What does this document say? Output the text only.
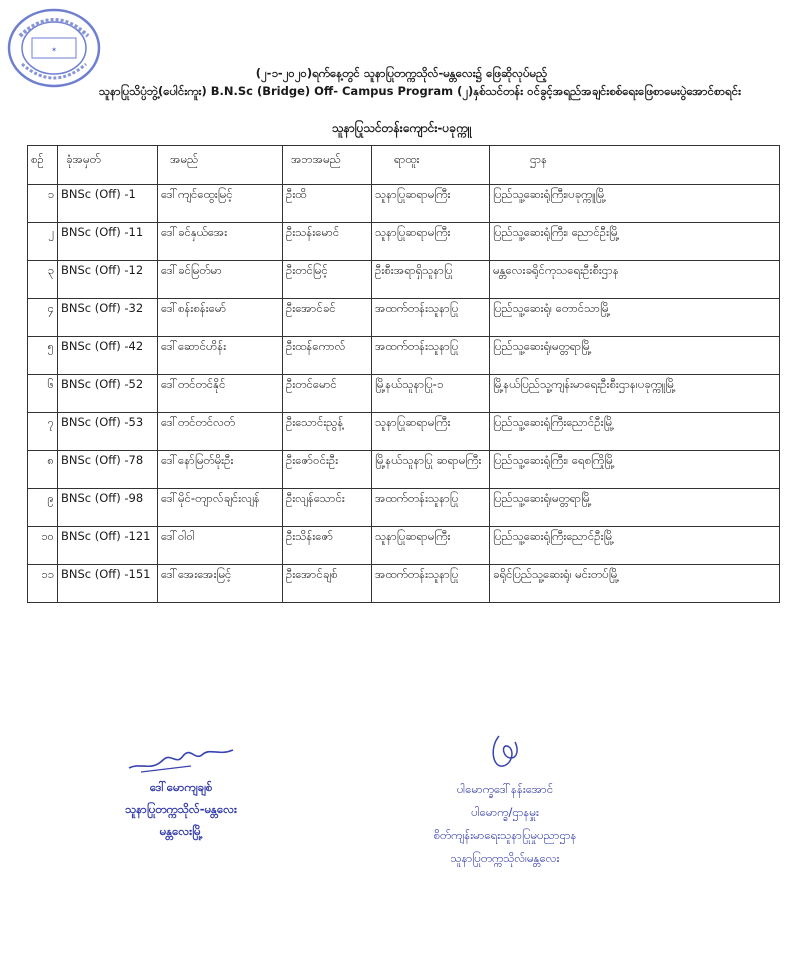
✶
(၂-၁-၂၀၂၀)ရက်နေ့တွင် သူနာပြုတက္ကသိုလ်-မန္တလေး၌ ဖြေဆိုလုပ်မည့်
သူနာပြုသိပ္ပံဘွဲ့(ပေါင်းကူး) B.N.Sc (Bridge) Off- Campus Program (၂)နှစ်သင်တန်း ဝင်ခွင့်အရည်အချင်းစစ်ရေးဖြေစာမေးပွဲအောင်စာရင်း
သူနာပြုသင်တန်းကျောင်း-ပခုက္ကူ
စဉ်	ခုံအမှတ်	အမည်	အဘအမည်	ရာထူး	ဌာန
၁	BNSc (Off) -1	ဒေါ်ကျင်ထွေးမြင့်	ဦးထိ	သူနာပြုဆရာမကြီး	ပြည်သူ့ဆေးရုံကြီး၊ပခုက္ကူမြို့
၂	BNSc (Off) -11	ဒေါ်ခင်နှယ်အေး	ဦးသန်းမောင်	သူနာပြုဆရာမကြီး	ပြည်သူ့ဆေးရုံကြီး၊ ညောင်ဦးမြို့
၃	BNSc (Off) -12	ဒေါ်ခင်မြတ်မာ	ဦးတင်မြင့်	ဦးစီးအရာရှိသူနာပြု	မန္တလေးခရိုင်ကုသရေးဦးစီးဌာန
၄	BNSc (Off) -32	ဒေါ်စန်းစန်းမော်	ဦးအောင်ခင်	အထက်တန်းသူနာပြု	ပြည်သူ့ဆေးရုံ၊ တောင်သာမြို့
၅	BNSc (Off) -42	ဒေါ်ဆောင်ဟိန်း	ဦးထန်ကောလ်	အထက်တန်းသူနာပြု	ပြည်သူ့ဆေးရုံ၊မတ္တရာမြို့
၆	BNSc (Off) -52	ဒေါ်တင်တင်နိုင်	ဦးတင်မောင်	မြို့နယ်သူနာပြု-၁	မြို့နယ်ပြည်သူ့ကျန်းမာရေးဦးစီးဌာန၊ပခုက္ကူမြို့
၇	BNSc (Off) -53	ဒေါ်တင်တင်လတ်	ဦးသောင်းညွန့်	သူနာပြုဆရာမကြီး	ပြည်သူ့ဆေးရုံကြီးညောင်ဦးမြို့
၈	BNSc (Off) -78	ဒေါ်နော်မြတ်မိုးဦး	ဦးဇော်ဝင်းဦး	မြို့နယ်သူနာပြု ဆရာမကြီး	ပြည်သူ့ဆေးရုံကြီး၊ ရေစကြိုမြို့
၉	BNSc (Off) -98	ဒေါ်မိုင်-တျာလ်ချင်းလျန်	ဦးလျန်သောင်း	အထက်တန်းသူနာပြု	ပြည်သူ့ဆေးရုံ၊မတ္တရာမြို့
၁၀	BNSc (Off) -121	ဒေါ်ဝါဝါ	ဦးသိန်းဇော်	သူနာပြုဆရာမကြီး	ပြည်သူ့ဆေးရုံကြီးညောင်ဦးမြို့
၁၁	BNSc (Off) -151	ဒေါ်အေးအေးမြင့်	ဦးအောင်ချစ်	အထက်တန်းသူနာပြု	ခရိုင်ပြည်သူ့ဆေးရုံ၊ မင်းတပ်မြို့
ဒေါ်မောကျချစ်
သူနာပြုတက္ကသိုလ်-မန္တလေး
မန္တလေးမြို့
ပါမောက္ခဒေါ်နန်းအောင်
ပါမောက္ခ/ဌာနမှူး
စိတ်ကျန်းမာရေးသူနာပြုမှုပညာဌာန
သူနာပြုတက္ကသိုလ်၊မန္တလေး
